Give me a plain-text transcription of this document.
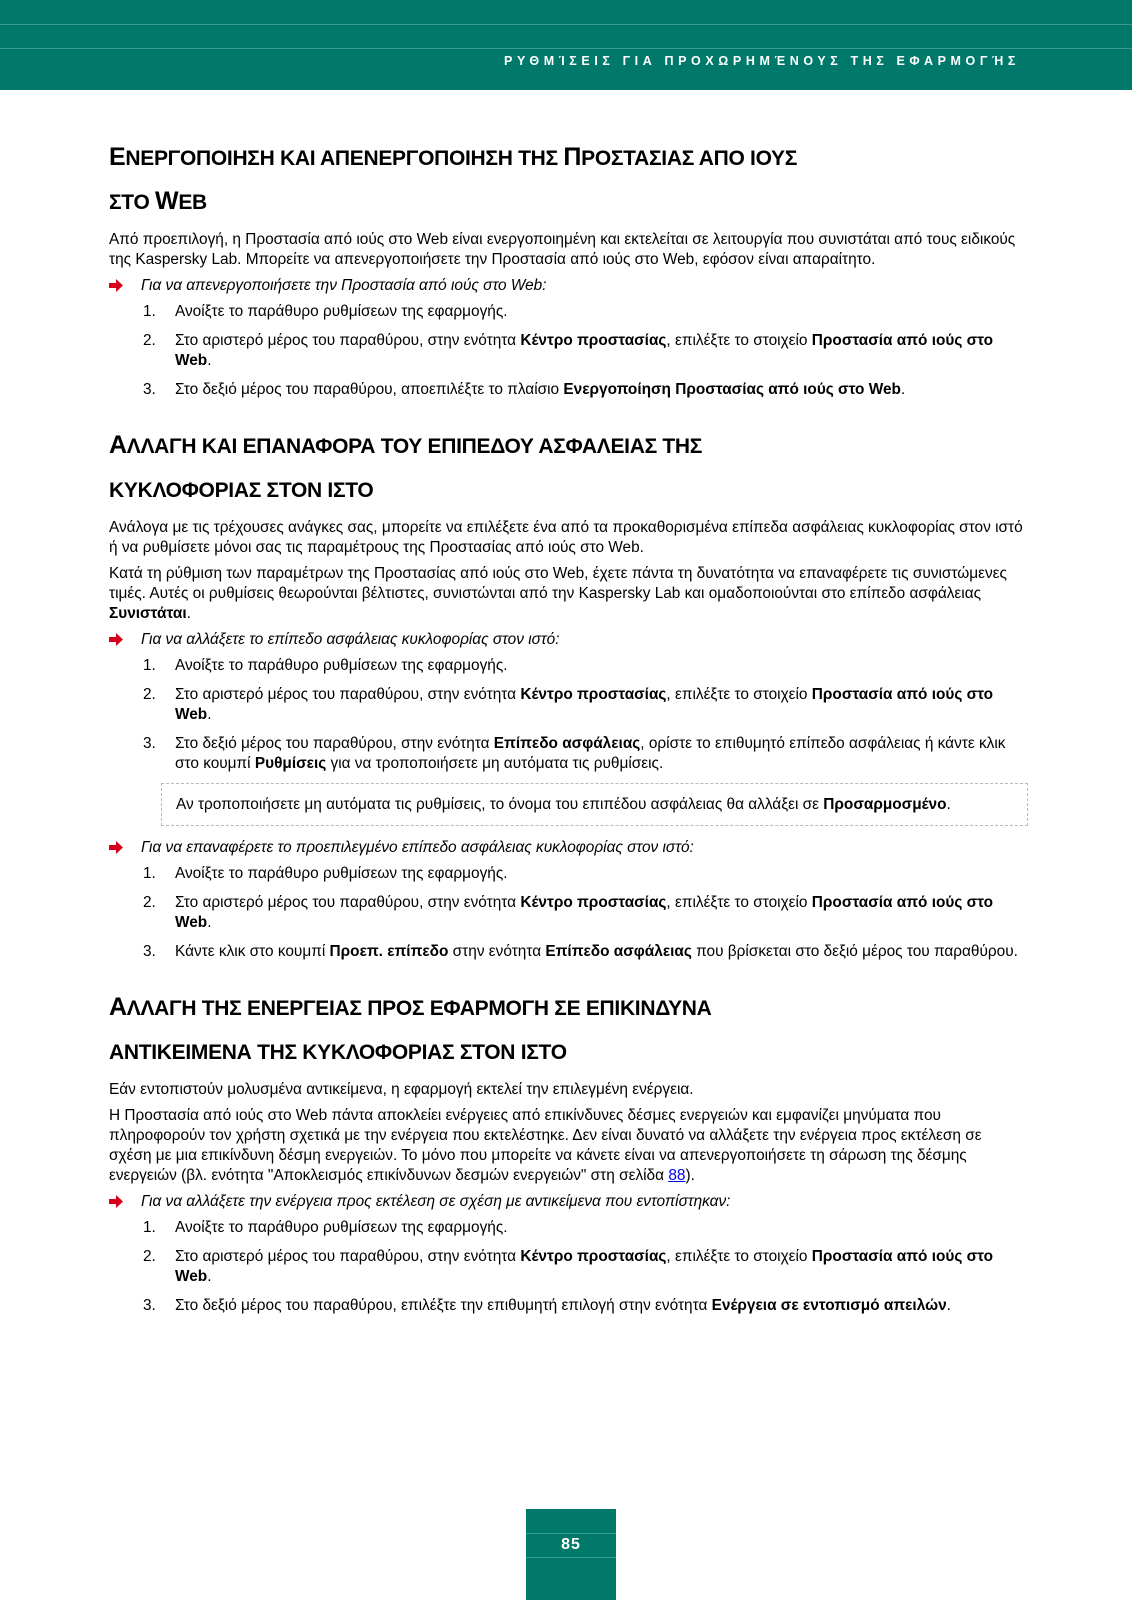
ΡΥΘΜΊΣΕΙΣ ΓΙΑ ΠΡΟΧΩΡΗΜΈΝΟΥΣ ΤΗΣ ΕΦΑΡΜΟΓΉΣ
ΕΝΕΡΓΟΠΟΙΗΣΗ ΚΑΙ ΑΠΕΝΕΡΓΟΠΟΙΗΣΗ ΤΗΣ ΠΡΟΣΤΑΣΙΑΣ ΑΠΟ ΙΟΥΣ
ΣΤΟ WEB

Από προεπιλογή, η Προστασία από ιούς στο Web είναι ενεργοποιημένη και εκτελείται σε λειτουργία που συνιστάται από τους ειδικούς της Kaspersky Lab. Μπορείτε να απενεργοποιήσετε την Προστασία από ιούς στο Web, εφόσον είναι απαραίτητο.

Για να απενεργοποιήσετε την Προστασία από ιούς στο Web:
1. Ανοίξτε το παράθυρο ρυθμίσεων της εφαρμογής.
2. Στο αριστερό μέρος του παραθύρου, στην ενότητα Κέντρο προστασίας, επιλέξτε το στοιχείο Προστασία από ιούς στο Web.
3. Στο δεξιό μέρος του παραθύρου, αποεπιλέξτε το πλαίσιο Ενεργοποίηση Προστασίας από ιούς στο Web.
ΑΛΛΑΓΗ ΚΑΙ ΕΠΑΝΑΦΟΡΑ ΤΟΥ ΕΠΙΠΕΔΟΥ ΑΣΦΑΛΕΙΑΣ ΤΗΣ
ΚΥΚΛΟΦΟΡΙΑΣ ΣΤΟΝ ΙΣΤΟ

Ανάλογα με τις τρέχουσες ανάγκες σας, μπορείτε να επιλέξετε ένα από τα προκαθορισμένα επίπεδα ασφάλειας κυκλοφορίας στον ιστό ή να ρυθμίσετε μόνοι σας τις παραμέτρους της Προστασίας από ιούς στο Web.

Κατά τη ρύθμιση των παραμέτρων της Προστασίας από ιούς στο Web, έχετε πάντα τη δυνατότητα να επαναφέρετε τις συνιστώμενες τιμές. Αυτές οι ρυθμίσεις θεωρούνται βέλτιστες, συνιστώνται από την Kaspersky Lab και ομαδοποιούνται στο επίπεδο ασφάλειας Συνιστάται.

Για να αλλάξετε το επίπεδο ασφάλειας κυκλοφορίας στον ιστό:
1. Ανοίξτε το παράθυρο ρυθμίσεων της εφαρμογής.
2. Στο αριστερό μέρος του παραθύρου, στην ενότητα Κέντρο προστασίας, επιλέξτε το στοιχείο Προστασία από ιούς στο Web.
3. Στο δεξιό μέρος του παραθύρου, στην ενότητα Επίπεδο ασφάλειας, ορίστε το επιθυμητό επίπεδο ασφάλειας ή κάντε κλικ στο κουμπί Ρυθμίσεις για να τροποποιήσετε μη αυτόματα τις ρυθμίσεις.
Αν τροποποιήσετε μη αυτόματα τις ρυθμίσεις, το όνομα του επιπέδου ασφάλειας θα αλλάξει σε Προσαρμοσμένο.
Για να επαναφέρετε το προεπιλεγμένο επίπεδο ασφάλειας κυκλοφορίας στον ιστό:
1. Ανοίξτε το παράθυρο ρυθμίσεων της εφαρμογής.
2. Στο αριστερό μέρος του παραθύρου, στην ενότητα Κέντρο προστασίας, επιλέξτε το στοιχείο Προστασία από ιούς στο Web.
3. Κάντε κλικ στο κουμπί Προεπ. επίπεδο στην ενότητα Επίπεδο ασφάλειας που βρίσκεται στο δεξιό μέρος του παραθύρου.
ΑΛΛΑΓΗ ΤΗΣ ΕΝΕΡΓΕΙΑΣ ΠΡΟΣ ΕΦΑΡΜΟΓΗ ΣΕ ΕΠΙΚΙΝΔΥΝΑ
ΑΝΤΙΚΕΙΜΕΝΑ ΤΗΣ ΚΥΚΛΟΦΟΡΙΑΣ ΣΤΟΝ ΙΣΤΟ

Εάν εντοπιστούν μολυσμένα αντικείμενα, η εφαρμογή εκτελεί την επιλεγμένη ενέργεια.

Η Προστασία από ιούς στο Web πάντα αποκλείει ενέργειες από επικίνδυνες δέσμες ενεργειών και εμφανίζει μηνύματα που πληροφορούν τον χρήστη σχετικά με την ενέργεια που εκτελέστηκε. Δεν είναι δυνατό να αλλάξετε την ενέργεια προς εκτέλεση σε σχέση με μια επικίνδυνη δέσμη ενεργειών. Το μόνο που μπορείτε να κάνετε είναι να απενεργοποιήσετε τη σάρωση της δέσμης ενεργειών (βλ. ενότητα "Αποκλεισμός επικίνδυνων δεσμών ενεργειών" στη σελίδα 88).

Για να αλλάξετε την ενέργεια προς εκτέλεση σε σχέση με αντικείμενα που εντοπίστηκαν:
1. Ανοίξτε το παράθυρο ρυθμίσεων της εφαρμογής.
2. Στο αριστερό μέρος του παραθύρου, στην ενότητα Κέντρο προστασίας, επιλέξτε το στοιχείο Προστασία από ιούς στο Web.
3. Στο δεξιό μέρος του παραθύρου, επιλέξτε την επιθυμητή επιλογή στην ενότητα Ενέργεια σε εντοπισμό απειλών.
85
